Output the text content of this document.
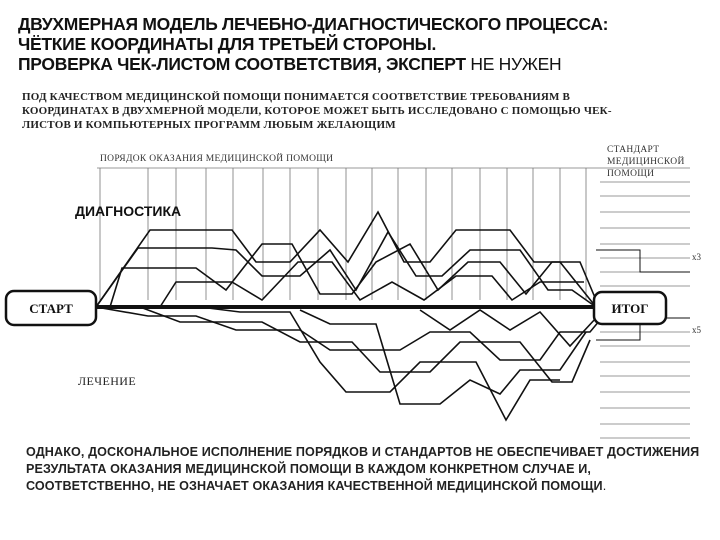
ДВУХМЕРНАЯ МОДЕЛЬ ЛЕЧЕБНО-ДИАГНОСТИЧЕСКОГО ПРОЦЕССА:
ЧЁТКИЕ КООРДИНАТЫ ДЛЯ ТРЕТЬЕЙ СТОРОНЫ.
ПРОВЕРКА ЧЕК-ЛИСТОМ СООТВЕТСТВИЯ, ЭКСПЕРТ НЕ НУЖЕН
ПОД КАЧЕСТВОМ МЕДИЦИНСКОЙ ПОМОЩИ ПОНИМАЕТСЯ СООТВЕТСТВИЕ ТРЕБОВАНИЯМ В КООРДИНАТАХ В ДВУХМЕРНОЙ МОДЕЛИ, КОТОРОЕ МОЖЕТ БЫТЬ ИССЛЕДОВАНО С ПОМОЩЬЮ ЧЕК-ЛИСТОВ И КОМПЬЮТЕРНЫХ ПРОГРАММ ЛЮБЫМ ЖЕЛАЮЩИМ
ПОРЯДОК ОКАЗАНИЯ МЕДИЦИНСКОЙ ПОМОЩИ
СТАНДАРТ
МЕДИЦИНСКОЙ
ПОМОЩИ
ДИАГНОСТИКА
ЛЕЧЕНИЕ
СТАРТ	ИТОГ
х3
х5
ОДНАКО, ДОСКОНАЛЬНОЕ ИСПОЛНЕНИЕ ПОРЯДКОВ И СТАНДАРТОВ НЕ ОБЕСПЕЧИВАЕТ ДОСТИЖЕНИЯ РЕЗУЛЬТАТА ОКАЗАНИЯ МЕДИЦИНСКОЙ ПОМОЩИ В КАЖДОМ КОНКРЕТНОМ СЛУЧАЕ И, СООТВЕТСТВЕННО, НЕ ОЗНАЧАЕТ ОКАЗАНИЯ КАЧЕСТВЕННОЙ МЕДИЦИНСКОЙ ПОМОЩИ.
